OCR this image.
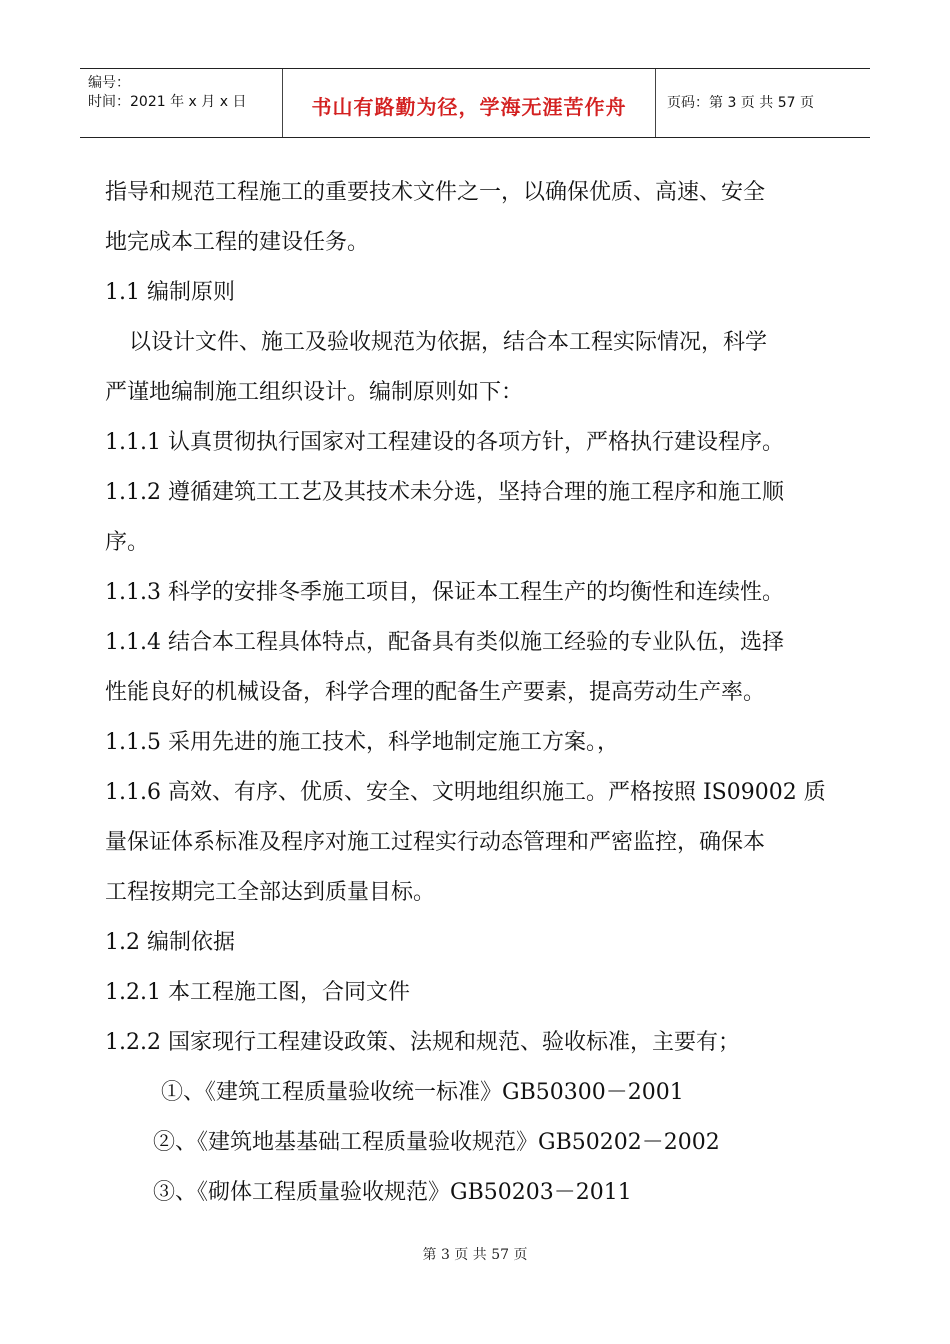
编号：
时间：2021 年 x 月 x 日	书山有路勤为径，学海无涯苦作舟	页码：第 3 页 共 57 页

指导和规范工程施工的重要技术文件之一，以确保优质、高速、安全

地完成本工程的建设任务。

1.1 编制原则

以设计文件、施工及验收规范为依据，结合本工程实际情况，科学

严谨地编制施工组织设计。编制原则如下：

1.1.1 认真贯彻执行国家对工程建设的各项方针，严格执行建设程序。

1.1.2 遵循建筑工工艺及其技术未分选，坚持合理的施工程序和施工顺

序。

1.1.3 科学的安排冬季施工项目，保证本工程生产的均衡性和连续性。

1.1.4 结合本工程具体特点，配备具有类似施工经验的专业队伍，选择

性能良好的机械设备，科学合理的配备生产要素，提高劳动生产率。

1.1.5 采用先进的施工技术，科学地制定施工方案。，

1.1.6 高效、有序、优质、安全、文明地组织施工。严格按照 IS09002 质

量保证体系标准及程序对施工过程实行动态管理和严密监控，确保本

工程按期完工全部达到质量目标。

1.2 编制依据

1.2.1 本工程施工图，合同文件

1.2.2 国家现行工程建设政策、法规和规范、验收标准，主要有；

①、《建筑工程质量验收统一标准》GB50300－2001

②、《建筑地基基础工程质量验收规范》GB50202－2002

③、《砌体工程质量验收规范》GB50203－2011

第 3 页 共 57 页
